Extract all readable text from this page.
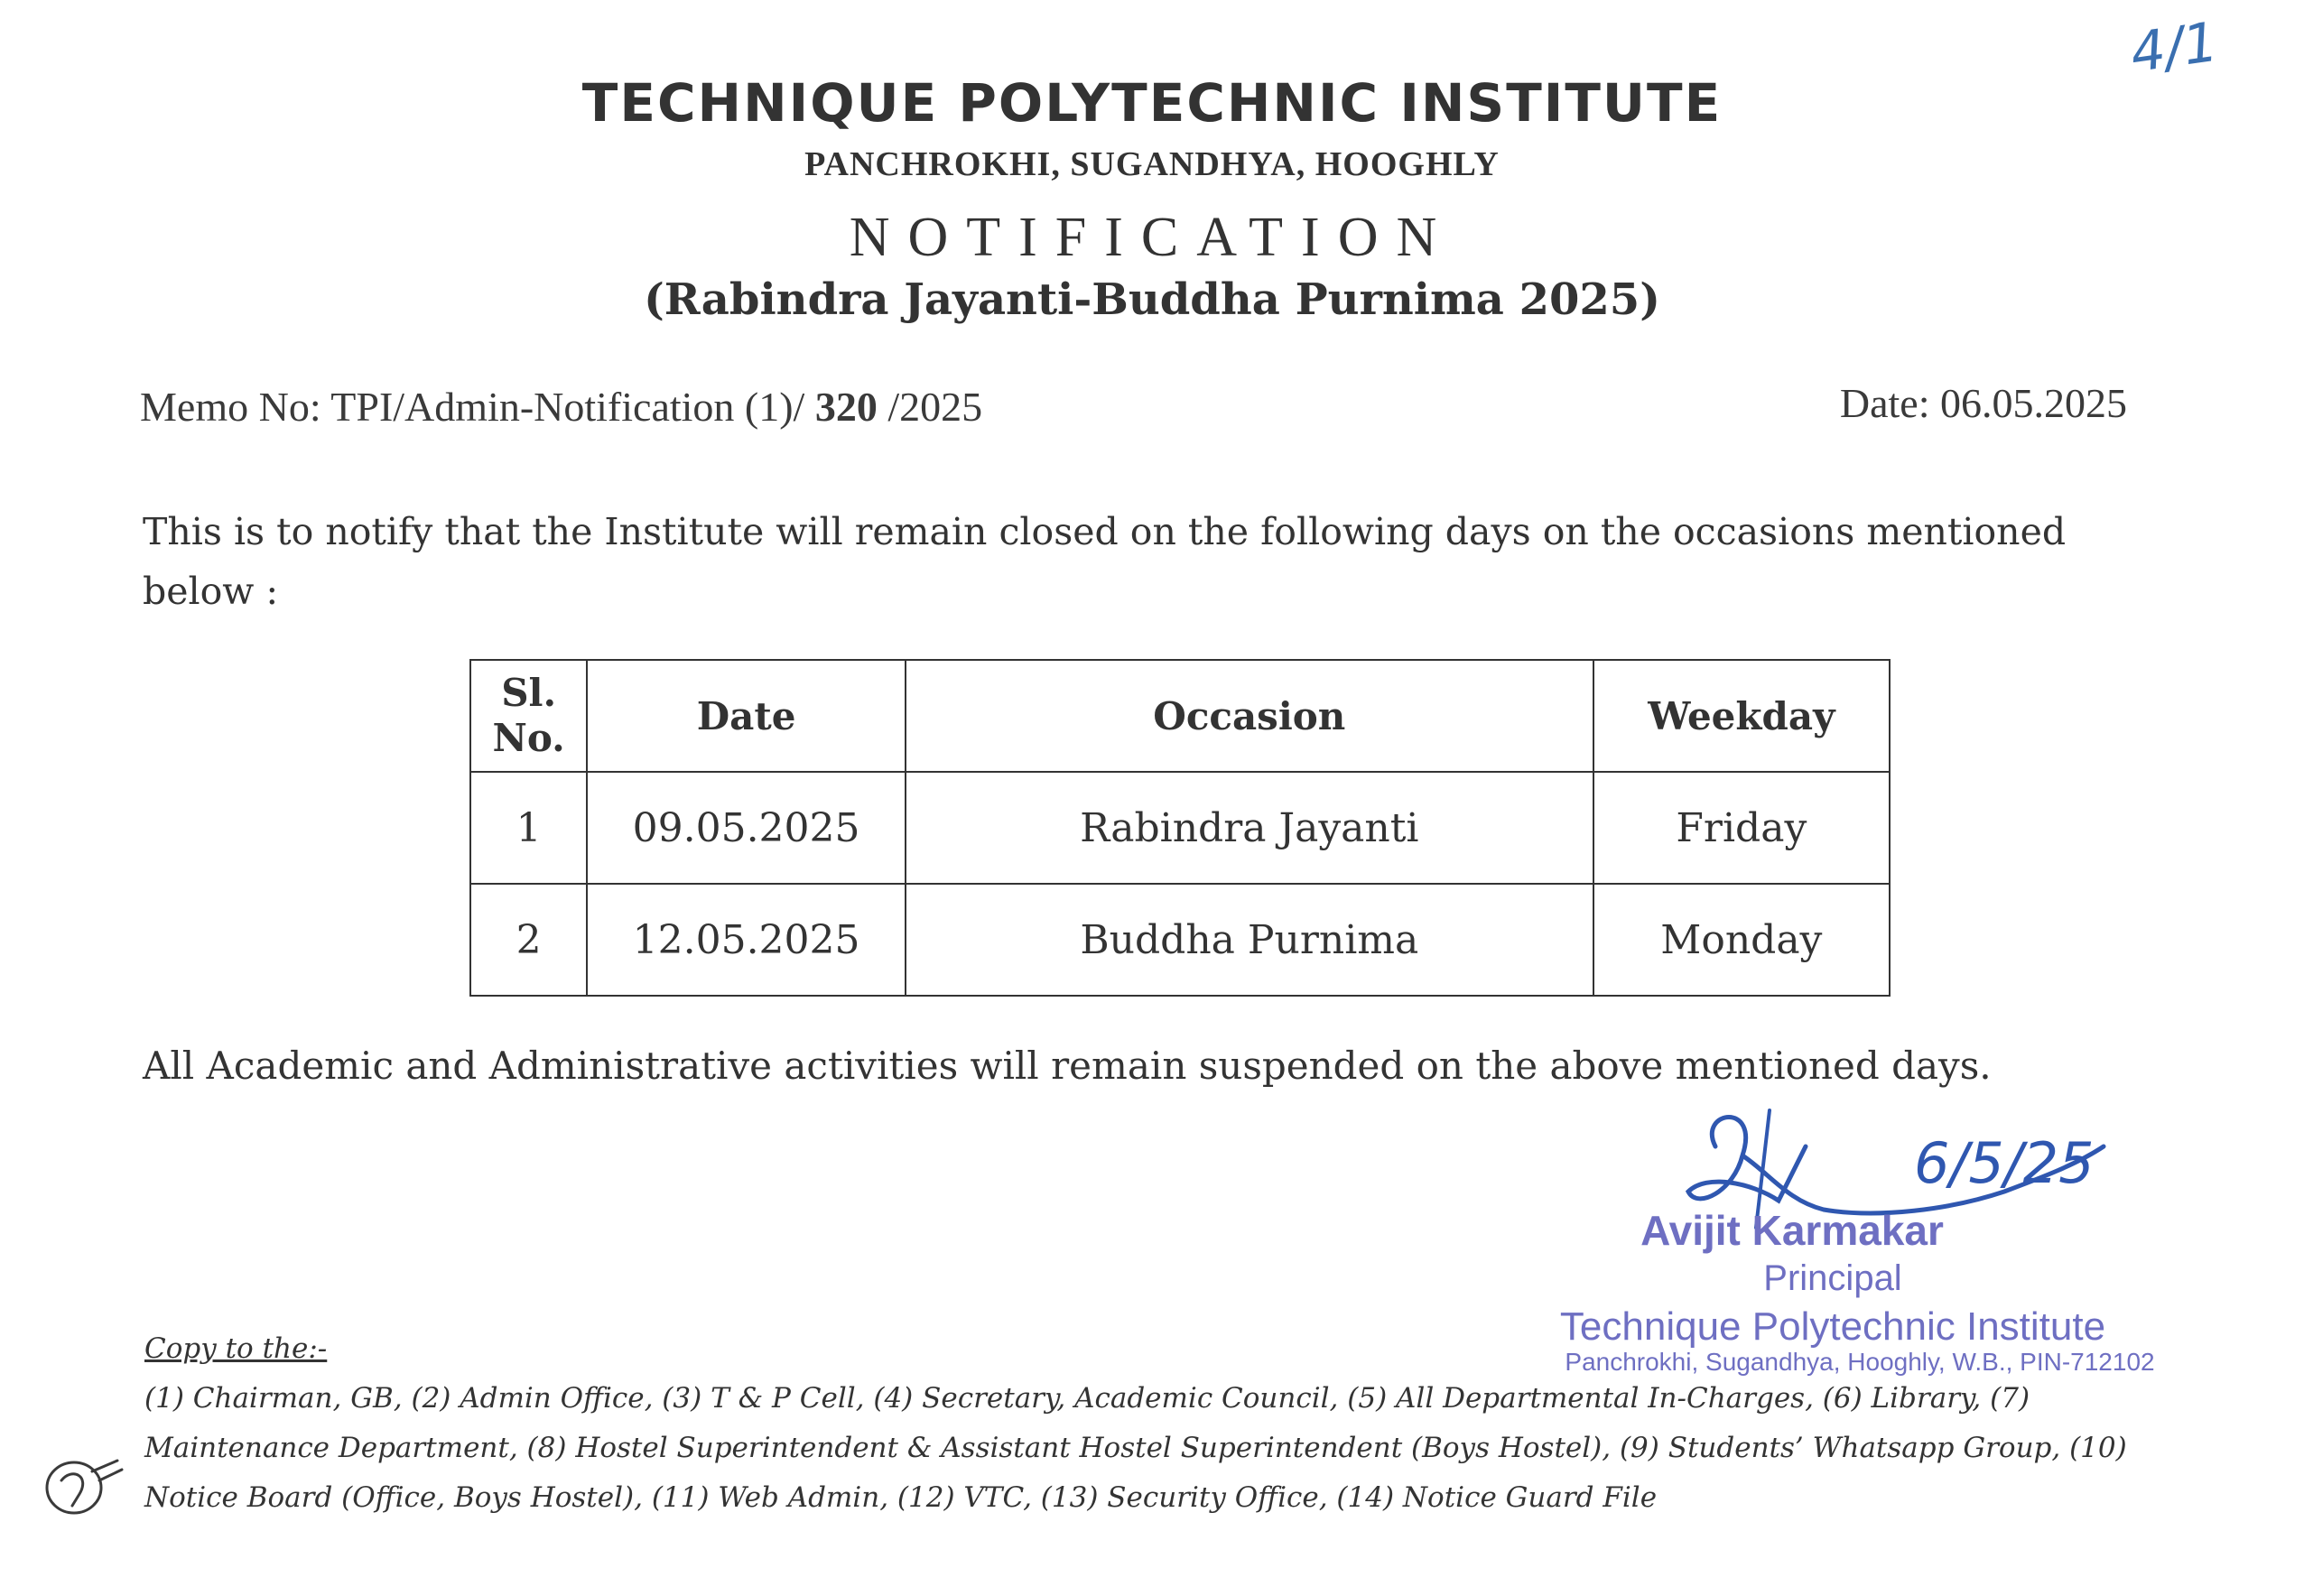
4/1
TECHNIQUE POLYTECHNIC INSTITUTE
PANCHROKHI, SUGANDHYA, HOOGHLY
NOTIFICATION
(Rabindra Jayanti-Buddha Purnima 2025)
Memo No: TPI/Admin-Notification (1)/ 320 /2025	Date: 06.05.2025
This is to notify that the Institute will remain closed on the following days on the occasions mentioned below :
Sl.
No.	Date	Occasion	Weekday
1	09.05.2025	Rabindra Jayanti	Friday
2	12.05.2025	Buddha Purnima	Monday
All Academic and Administrative activities will remain suspended on the above mentioned days.
6/5/25
Avijit Karmakar
Principal
Technique Polytechnic Institute
Panchrokhi, Sugandhya, Hooghly, W.B., PIN-712102
Copy to the:-
(1) Chairman, GB, (2) Admin Office, (3) T & P Cell, (4) Secretary, Academic Council, (5) All Departmental In-Charges, (6) Library, (7) Maintenance Department, (8) Hostel Superintendent & Assistant Hostel Superintendent (Boys Hostel), (9) Students’ Whatsapp Group, (10) Notice Board (Office, Boys Hostel), (11) Web Admin, (12) VTC, (13) Security Office, (14) Notice Guard File
